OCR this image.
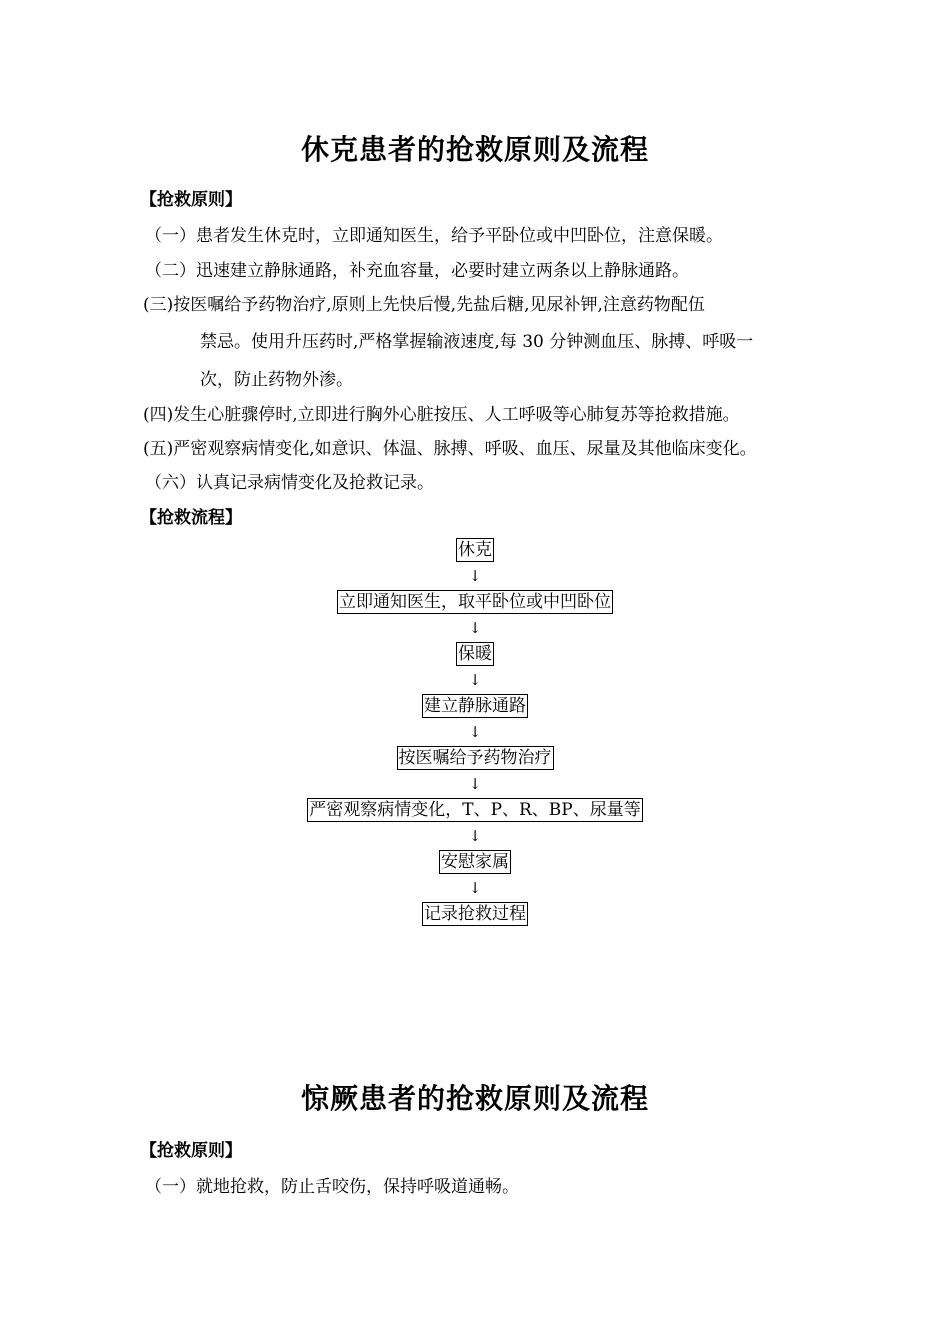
休克患者的抢救原则及流程
【抢救原则】
（一）患者发生休克时，立即通知医生，给予平卧位或中凹卧位，注意保暖。
（二）迅速建立静脉通路，补充血容量，必要时建立两条以上静脉通路。
(三)按医嘱给予药物治疗,原则上先快后慢,先盐后糖,见尿补钾,注意药物配伍
禁忌。使用升压药时,严格掌握输液速度,每 30 分钟测血压、脉搏、呼吸一
次，防止药物外渗。
(四)发生心脏骤停时,立即进行胸外心脏按压、人工呼吸等心肺复苏等抢救措施。
(五)严密观察病情变化,如意识、体温、脉搏、呼吸、血压、尿量及其他临床变化。
（六）认真记录病情变化及抢救记录。
【抢救流程】
休克
↓
立即通知医生，取平卧位或中凹卧位
↓
保暖
↓
建立静脉通路
↓
按医嘱给予药物治疗
↓
严密观察病情变化，T、P、R、BP、尿量等
↓
安慰家属
↓
记录抢救过程
惊厥患者的抢救原则及流程
【抢救原则】
（一）就地抢救，防止舌咬伤，保持呼吸道通畅。
